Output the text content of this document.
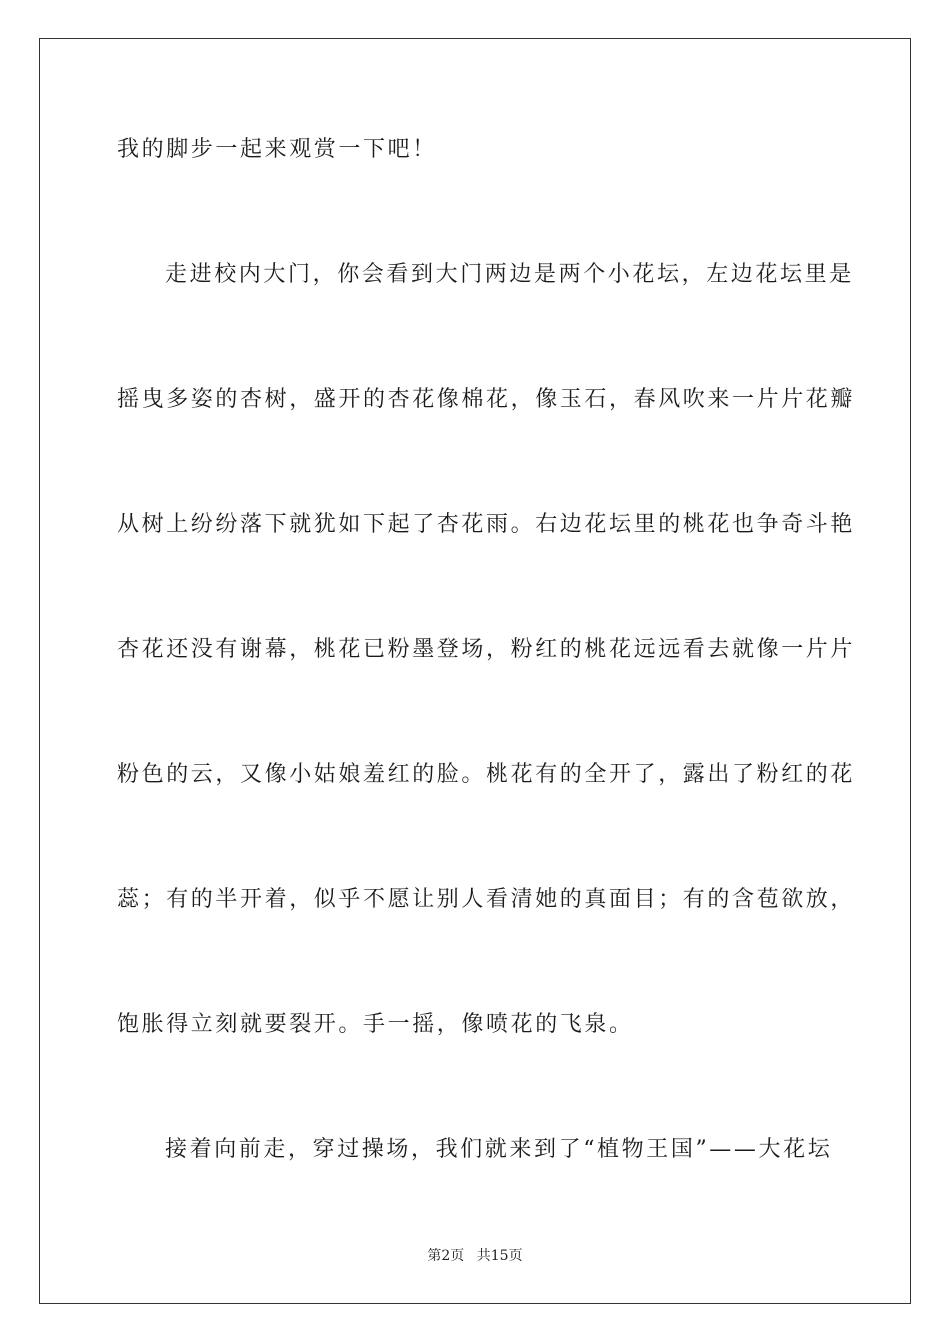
我的脚步一起来观赏一下吧！
走进校内大门，你会看到大门两边是两个小花坛，左边花坛里是
摇曳多姿的杏树，盛开的杏花像棉花，像玉石，春风吹来一片片花瓣
从树上纷纷落下就犹如下起了杏花雨。右边花坛里的桃花也争奇斗艳
杏花还没有谢幕，桃花已粉墨登场，粉红的桃花远远看去就像一片片
粉色的云，又像小姑娘羞红的脸。桃花有的全开了，露出了粉红的花
蕊；有的半开着，似乎不愿让别人看清她的真面目；有的含苞欲放，
饱胀得立刻就要裂开。手一摇，像喷花的飞泉。
接着向前走，穿过操场，我们就来到了“植物王国”——大花坛
第2页 共15页
